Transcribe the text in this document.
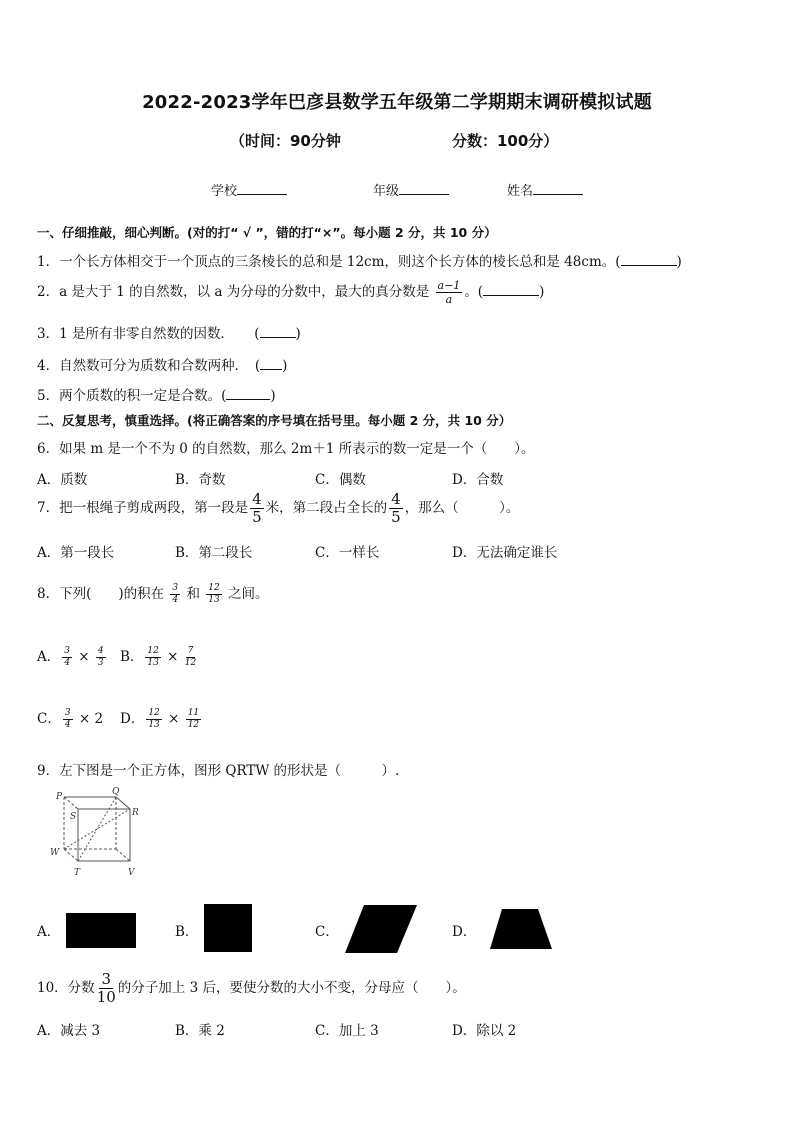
2022-2023学年巴彦县数学五年级第二学期期末调研模拟试题
（时间：90分钟	分数：100分）
学校	年级	姓名
一、仔细推敲，细心判断。(对的打“ √ ”，错的打“×”。每小题 2 分，共 10 分）
1．一个长方体相交于一个顶点的三条棱长的总和是 12cm，则这个长方体的棱长总和是 48cm。(	)
2．a 是大于 1 的自然数，以 a 为分母的分数中，最大的真分数是 $\frac{a-1}{a}$ 。(	)
3．1 是所有非零自然数的因数．　　(	)
4．自然数可分为质数和合数两种．　( )
5．两个质数的积一定是合数。(	)
二、反复思考，慎重选择。(将正确答案的序号填在括号里。每小题 2 分，共 10 分）
6．如果 m 是一个不为 0 的自然数，那么 2m＋1 所表示的数一定是一个（　　）。
A．质数	B．奇数	C．偶数	D．合数
7．把一根绳子剪成两段，第一段是 $\frac{4}{5}$ 米，第二段占全长的 $\frac{4}{5}$ ，那么（　　　）。
A．第一段长	B．第二段长	C．一样长	D．无法确定谁长
8．下列(　　)的积在 $\frac{3}{4}$ 和 $\frac{12}{13}$ 之间。
A． $\frac{3}{4} \times \frac{4}{3}$ B． $\frac{12}{13} \times \frac{7}{12}$
C． $\frac{3}{4} \times 2$ D． $\frac{12}{13} \times \frac{11}{12}$
9．左下图是一个正方体，图形 QRTW 的形状是（　　　）.
P	Q
S	R
W
T	V
A．	B．	C．	D．
10．分数 $\frac{3}{10}$ 的分子加上 3 后，要使分数的大小不变，分母应（　　）。
A．减去 3	B．乘 2	C．加上 3	D．除以 2
